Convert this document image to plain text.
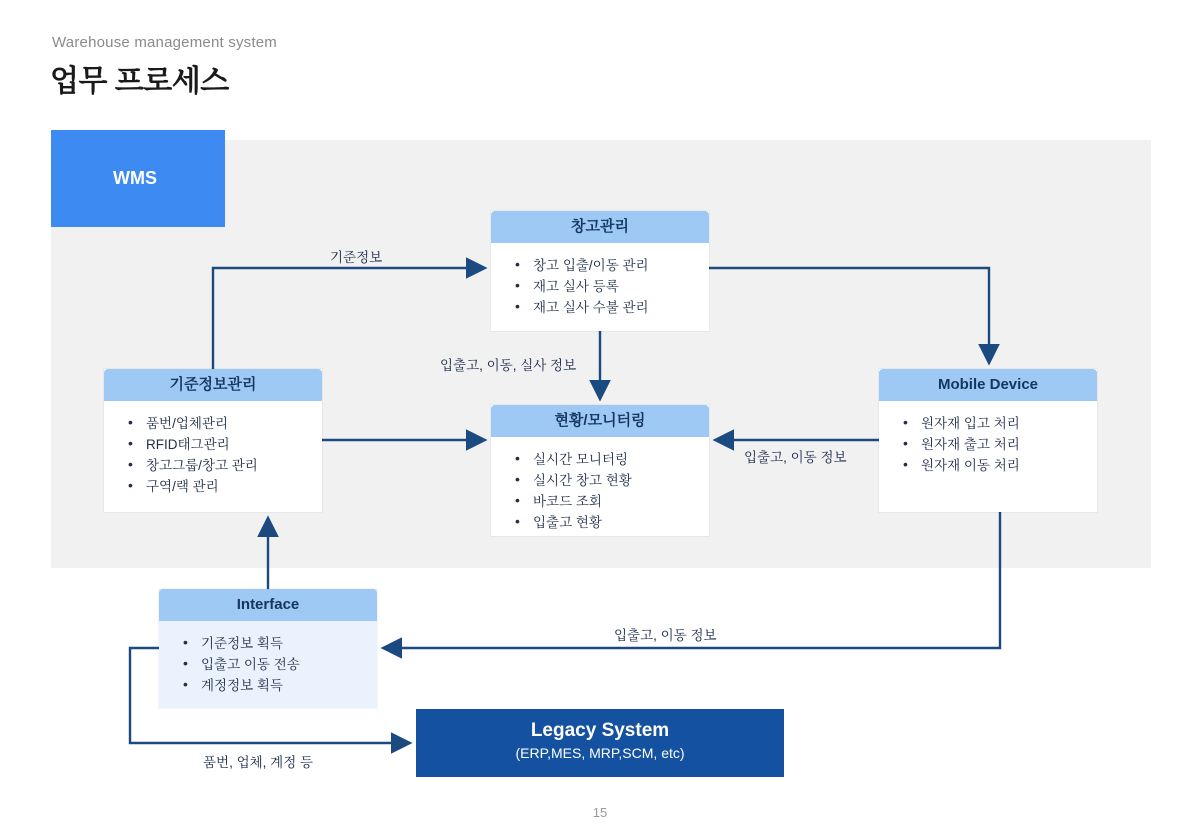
Warehouse management system
업무 프로세스
WMS
창고관리
• 창고 입출/이동 관리
• 재고 실사 등록
• 재고 실사 수불 관리
기준정보관리
• 품번/업체관리
• RFID태그관리
• 창고그룹/창고 관리
• 구역/랙 관리
현황/모니터링
• 실시간 모니터링
• 실시간 창고 현황
• 바코드 조회
• 입출고 현황
Mobile Device
• 원자재 입고 처리
• 원자재 출고 처리
• 원자재 이동 처리
Interface
• 기준정보 획득
• 입출고 이동 전송
• 계정정보 획득
Legacy System
(ERP,MES, MRP,SCM, etc)
기준정보
입출고, 이동, 실사 정보
입출고, 이동 정보
입출고, 이동 정보
품번, 업체, 계정 등
15
